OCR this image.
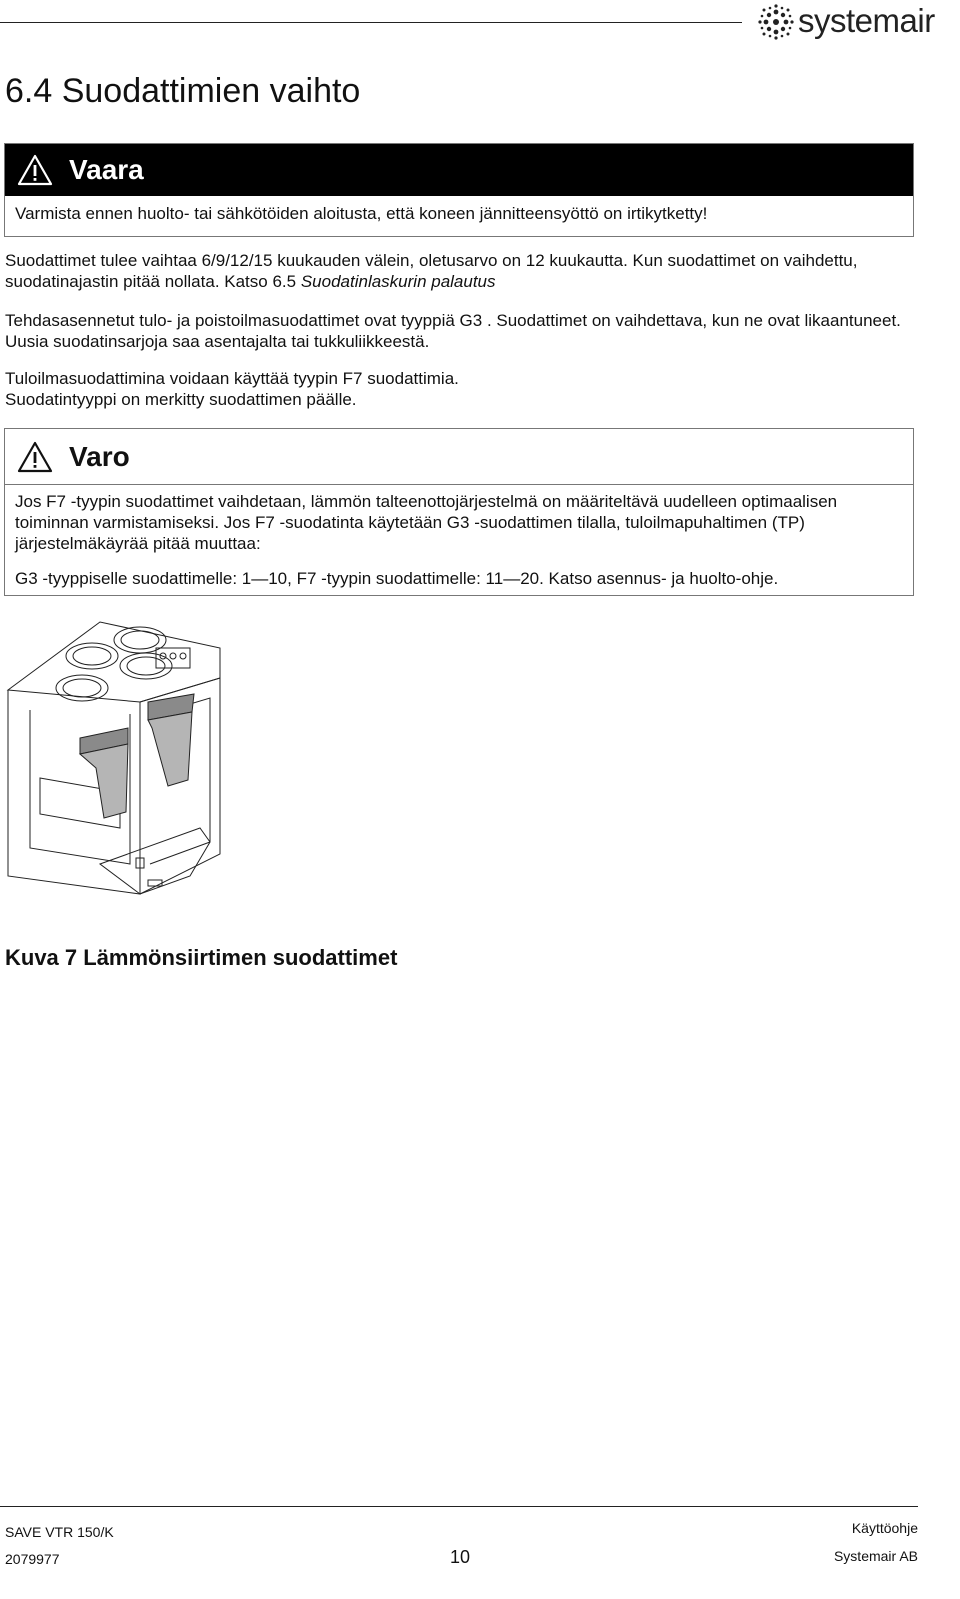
systemair
6.4 Suodattimien vaihto
Vaara
Varmista ennen huolto- tai sähkötöiden aloitusta, että koneen jännitteensyöttö on irtikytketty!

Suodattimet tulee vaihtaa 6/9/12/15 kuukauden välein, oletusarvo on 12 kuukautta. Kun suodattimet on vaihdettu, suodatinajastin pitää nollata. Katso 6.5 Suodatinlaskurin palautus

Tehdasasennetut tulo- ja poistoilmasuodattimet ovat tyyppiä G3 . Suodattimet on vaihdettava, kun ne ovat likaantuneet. Uusia suodatinsarjoja saa asentajalta tai tukkuliikkeestä.

Tuloilmasuodattimina voidaan käyttää tyypin F7 suodattimia.
Suodatintyyppi on merkitty suodattimen päälle.

Varo
Jos F7 -tyypin suodattimet vaihdetaan, lämmön talteenottojärjestelmä on määriteltävä uudelleen optimaalisen toiminnan varmistamiseksi. Jos F7 -suodatinta käytetään G3 -suodattimen tilalla, tuloilmapuhaltimen (TP) järjestelmäkäyrää pitää muuttaa:
G3 -tyyppiselle suodattimelle: 1—10, F7 -tyypin suodattimelle: 11—20. Katso asennus- ja huolto-ohje.
Kuva 7 Lämmönsiirtimen suodattimet
SAVE VTR 150/K
2079977	10
Käyttöohje
Systemair AB
